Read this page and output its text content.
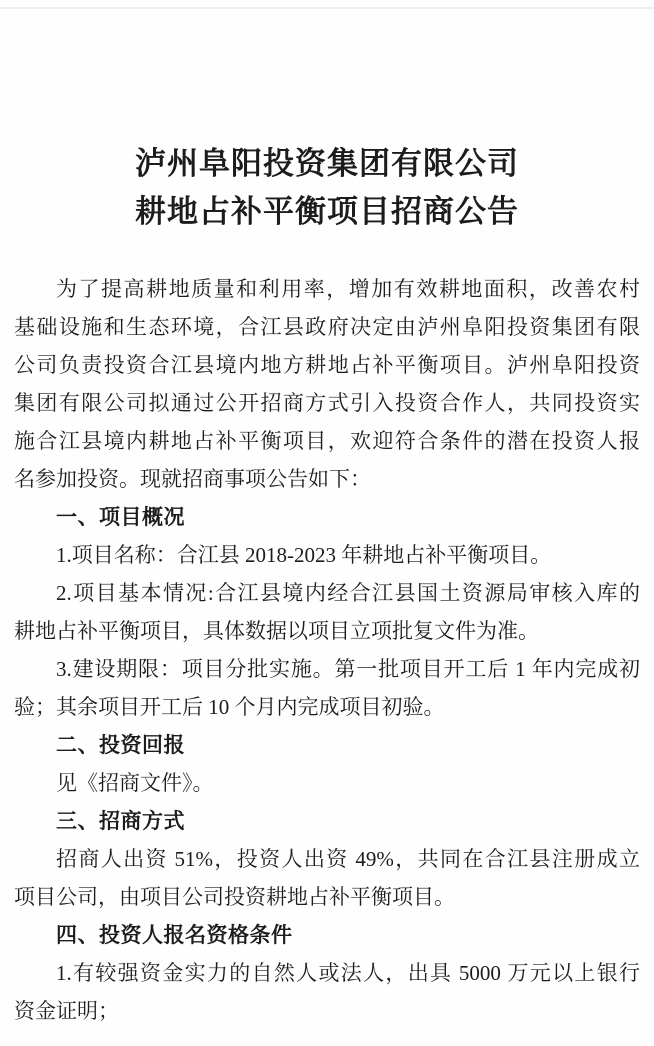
泸州阜阳投资集团有限公司
耕地占补平衡项目招商公告

为了提高耕地质量和利用率，增加有效耕地面积，改善农村

基础设施和生态环境，合江县政府决定由泸州阜阳投资集团有限

公司负责投资合江县境内地方耕地占补平衡项目。泸州阜阳投资

集团有限公司拟通过公开招商方式引入投资合作人，共同投资实

施合江县境内耕地占补平衡项目，欢迎符合条件的潜在投资人报

名参加投资。现就招商事项公告如下：

一、项目概况

1.项目名称：合江县 2018-2023 年耕地占补平衡项目。

2.项目基本情况:合江县境内经合江县国土资源局审核入库的

耕地占补平衡项目，具体数据以项目立项批复文件为准。

3.建设期限：项目分批实施。第一批项目开工后 1 年内完成初

验；其余项目开工后 10 个月内完成项目初验。

二、投资回报

见《招商文件》。

三、招商方式

招商人出资 51%，投资人出资 49%，共同在合江县注册成立

项目公司，由项目公司投资耕地占补平衡项目。

四、投资人报名资格条件

1.有较强资金实力的自然人或法人，出具 5000 万元以上银行

资金证明；
